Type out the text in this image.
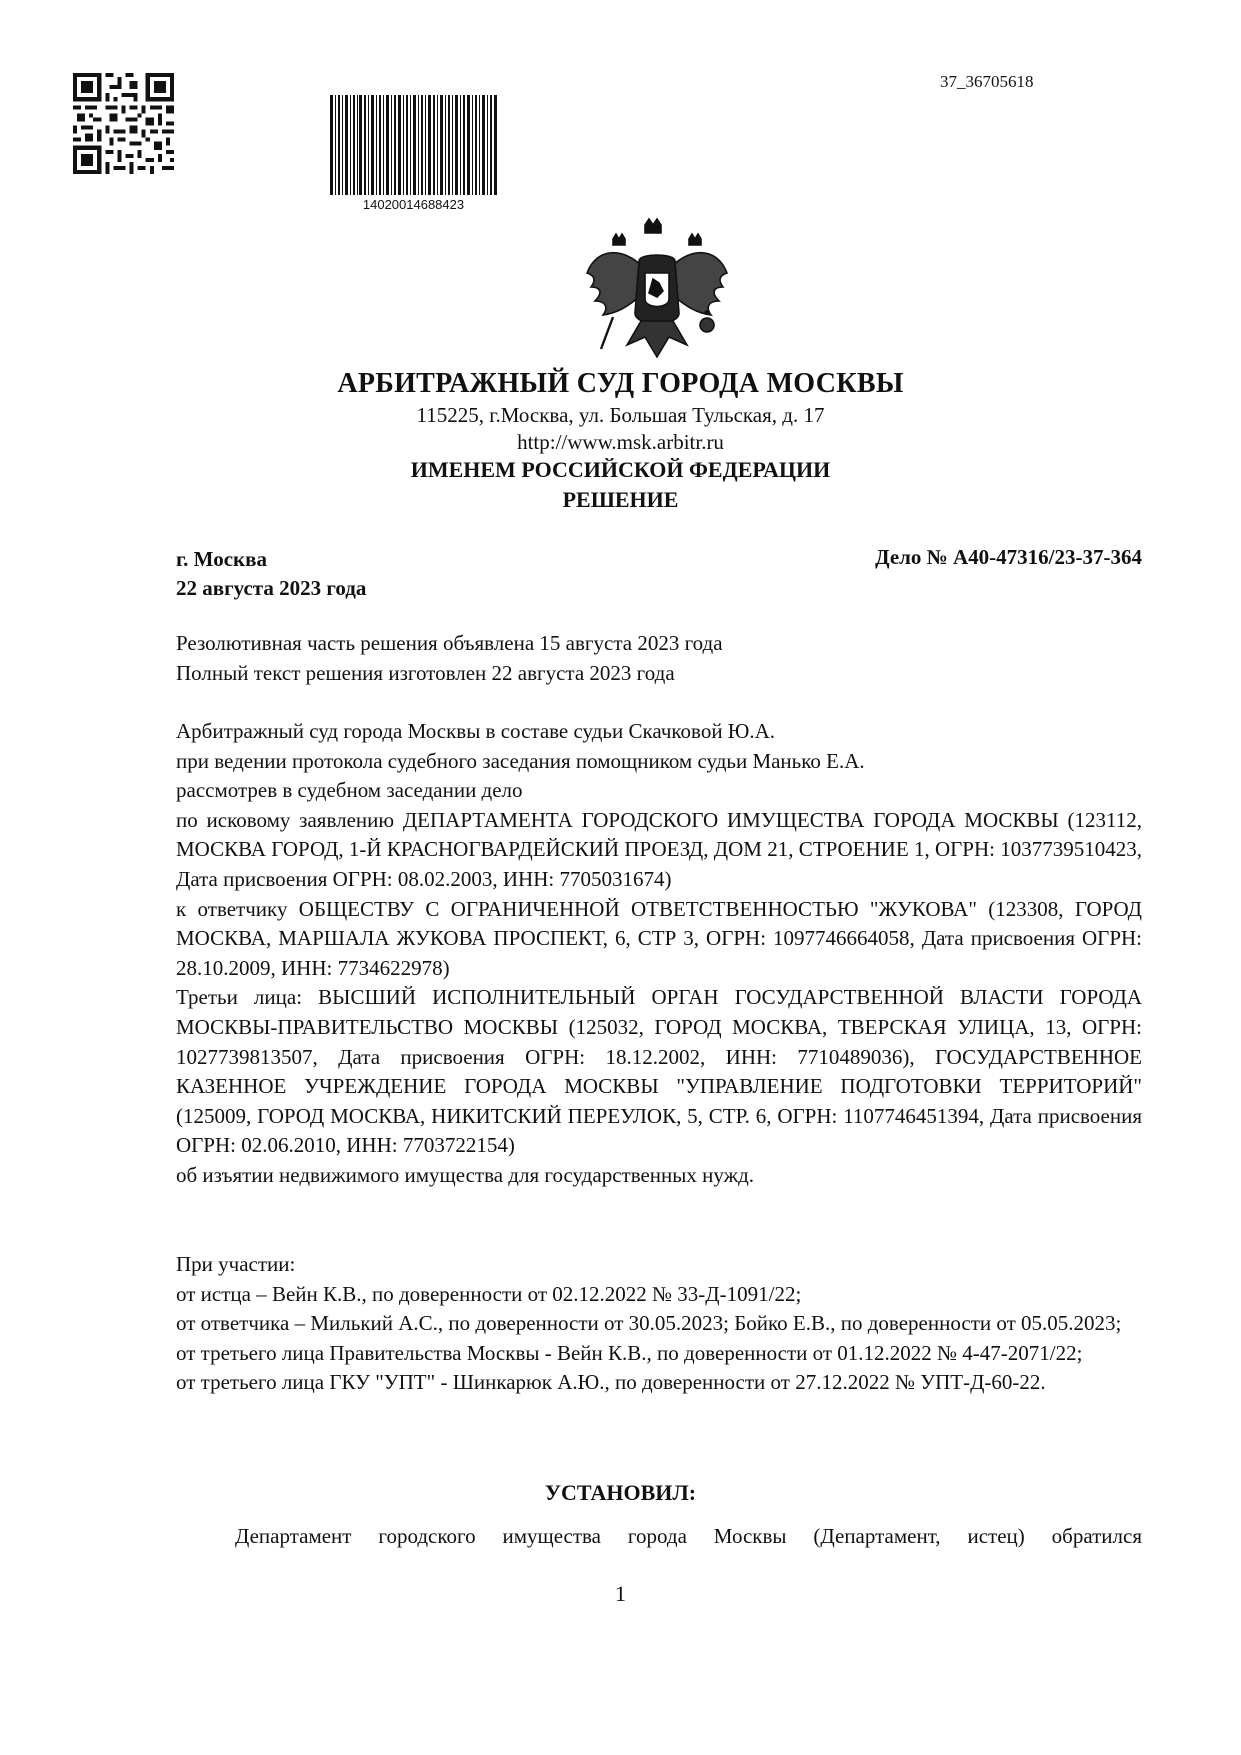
14020014688423
37_36705618
АРБИТРАЖНЫЙ СУД ГОРОДА МОСКВЫ
115225, г.Москва, ул. Большая Тульская, д. 17
http://www.msk.arbitr.ru
ИМЕНЕМ РОССИЙСКОЙ ФЕДЕРАЦИИ
РЕШЕНИЕ
г. Москва
22 августа 2023 года
Дело № А40-47316/23-37-364
Резолютивная часть решения объявлена 15 августа 2023 года
Полный текст решения изготовлен 22 августа 2023 года
Арбитражный суд города Москвы в составе судьи Скачковой Ю.А.
при ведении протокола судебного заседания помощником судьи Манько Е.А.
рассмотрев в судебном заседании дело
по исковому заявлению ДЕПАРТАМЕНТА ГОРОДСКОГО ИМУЩЕСТВА ГОРОДА МОСКВЫ (123112, МОСКВА ГОРОД, 1-Й КРАСНОГВАРДЕЙСКИЙ ПРОЕЗД, ДОМ 21, СТРОЕНИЕ 1, ОГРН: 1037739510423, Дата присвоения ОГРН: 08.02.2003, ИНН: 7705031674)
к ответчику ОБЩЕСТВУ С ОГРАНИЧЕННОЙ ОТВЕТСТВЕННОСТЬЮ "ЖУКОВА" (123308, ГОРОД МОСКВА, МАРШАЛА ЖУКОВА ПРОСПЕКТ, 6, СТР 3, ОГРН: 1097746664058, Дата присвоения ОГРН: 28.10.2009, ИНН: 7734622978)
Третьи лица: ВЫСШИЙ ИСПОЛНИТЕЛЬНЫЙ ОРГАН ГОСУДАРСТВЕННОЙ ВЛАСТИ ГОРОДА МОСКВЫ-ПРАВИТЕЛЬСТВО МОСКВЫ (125032, ГОРОД МОСКВА, ТВЕРСКАЯ УЛИЦА, 13, ОГРН: 1027739813507, Дата присвоения ОГРН: 18.12.2002, ИНН: 7710489036), ГОСУДАРСТВЕННОЕ КАЗЕННОЕ УЧРЕЖДЕНИЕ ГОРОДА МОСКВЫ "УПРАВЛЕНИЕ ПОДГОТОВКИ ТЕРРИТОРИЙ" (125009, ГОРОД МОСКВА, НИКИТСКИЙ ПЕРЕУЛОК, 5, СТР. 6, ОГРН: 1107746451394, Дата присвоения ОГРН: 02.06.2010, ИНН: 7703722154)
об изъятии недвижимого имущества для государственных нужд.
При участии:
от истца – Вейн К.В., по доверенности от 02.12.2022 № 33-Д-1091/22;
от ответчика – Милький А.С., по доверенности от 30.05.2023; Бойко Е.В., по доверенности от 05.05.2023;
от третьего лица Правительства Москвы - Вейн К.В., по доверенности от 01.12.2022 № 4-47-2071/22;
от третьего лица ГКУ "УПТ" - Шинкарюк А.Ю., по доверенности от 27.12.2022 № УПТ-Д-60-22.
УСТАНОВИЛ:
Департамент городского имущества города Москвы (Департамент, истец) обратился
1
